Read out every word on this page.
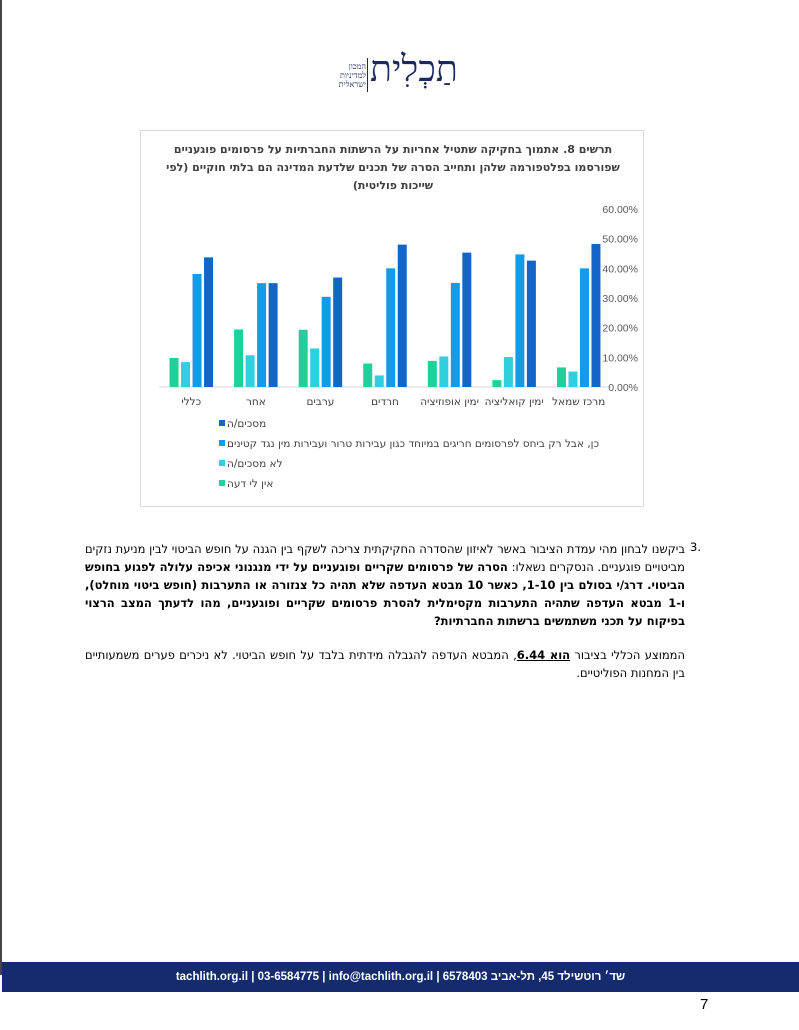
המכון
למדיניות
ישראלית תַכְלִית
תרשים 8. אתמוך בחקיקה שתטיל אחריות על הרשתות החברתיות על פרסומים פוגעניים שפורסמו בפלטפורמה שלהן ותחייב הסרה של תכנים שלדעת המדינה הם בלתי חוקיים (לפי שייכות פוליטית)
0.00%
10.00%
20.00%
30.00%
40.00%
50.00%
60.00%
כללי	אחר	ערבים	חרדים ימין אופוזיציה ימין קואליציה מרכז שמאל
מסכים/ה
כן, אבל רק ביחס לפרסומים חריגים במיוחד כגון עבירות טרור ועבירות מין נגד קטינים
לא מסכים/ה
אין לי דעה
3.
ביקשנו לבחון מהי עמדת הציבור באשר לאיזון שהסדרה החקיקתית צריכה לשקף בין הגנה על חופש הביטוי לבין מניעת נזקים מביטויים פוגעניים. הנסקרים נשאלו: הסרה של פרסומים שקריים ופוגעניים על ידי מנגנוני אכיפה עלולה לפגוע בחופש הביטוי. דרג/י בסולם בין 1-10, כאשר 10 מבטא העדפה שלא תהיה כל צנזורה או התערבות (חופש ביטוי מוחלט), ו-1 מבטא העדפה שתהיה התערבות מקסימלית להסרת פרסומים שקריים ופוגעניים, מהו לדעתך המצב הרצוי בפיקוח על תכני משתמשים ברשתות החברתיות?
הממוצע הכללי בציבור הוא 6.44, המבטא העדפה להגבלה מידתית בלבד על חופש הביטוי. לא ניכרים פערים משמעותיים בין המחנות הפוליטיים.
שד׳ רוטשילד 45, תל-אביב 6578403 | tachlith.org.il | 03-6584775 | info@tachlith.org.il
7
